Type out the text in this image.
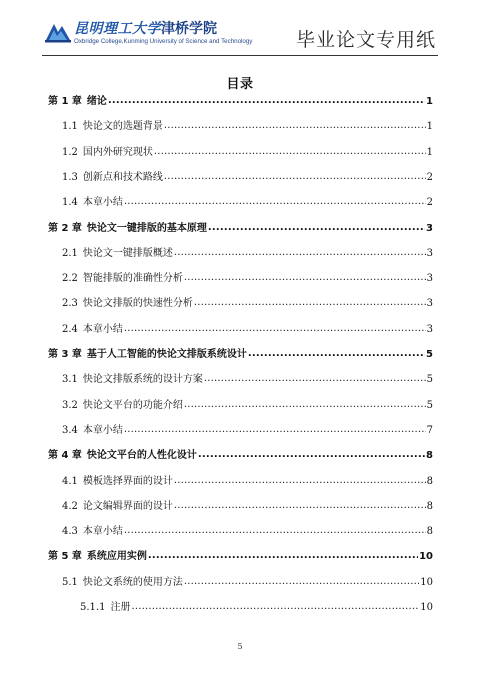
昆明理工大学津桥学院
Oxbridge College,Kunming University of Science and Technology 毕业论文专用纸
目录
第 1 章 绪论 .....	1
1.1 快论文的选题背景 .....	1
1.2 国内外研究现状 .....	1
1.3 创新点和技术路线 .....	2
1.4 本章小结 .....	2
第 2 章 快论文一键排版的基本原理 .....	3
2.1 快论文一键排版概述 .....	3
2.2 智能排版的准确性分析 .....	3
2.3 快论文排版的快速性分析 .....	3
2.4 本章小结 .....	3
第 3 章 基于人工智能的快论文排版系统设计 .....	5
3.1 快论文排版系统的设计方案 .....	5
3.2 快论文平台的功能介绍 .....	5
3.4 本章小结 .....	7
第 4 章 快论文平台的人性化设计 .....	8
4.1 模板选择界面的设计 .....	8
4.2 论文编辑界面的设计 .....	8
4.3 本章小结 .....	8
第 5 章 系统应用实例 .....	10
5.1 快论文系统的使用方法 .....	10
5.1.1 注册 .....	10
5
